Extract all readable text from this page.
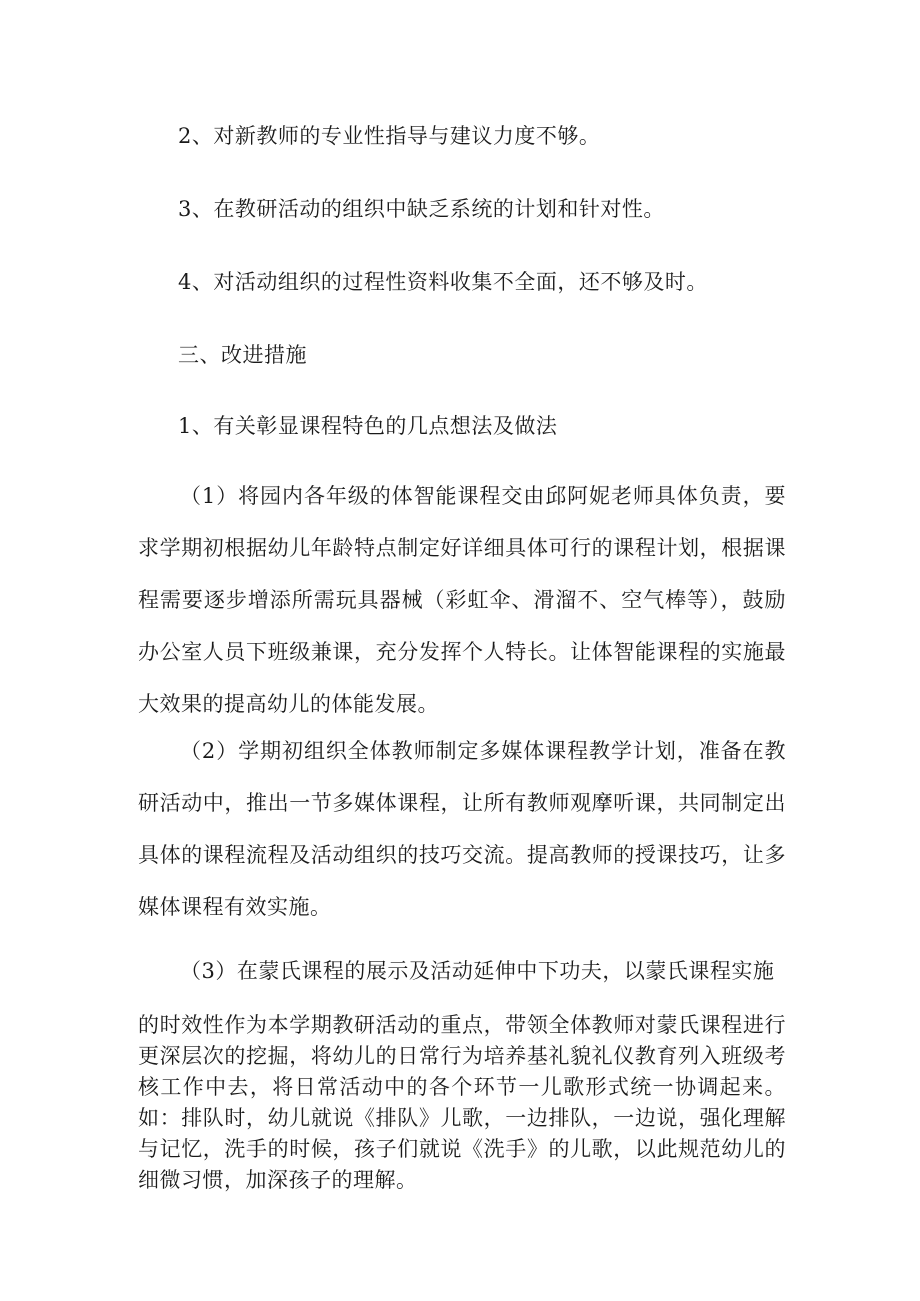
2、对新教师的专业性指导与建议力度不够。

3、在教研活动的组织中缺乏系统的计划和针对性。

4、对活动组织的过程性资料收集不全面，还不够及时。

三、改进措施

1、有关彰显课程特色的几点想法及做法

（1）将园内各年级的体智能课程交由邱阿妮老师具体负责，要求学期初根据幼儿年龄特点制定好详细具体可行的课程计划，根据课程需要逐步增添所需玩具器械（彩虹伞、滑溜不、空气棒等），鼓励办公室人员下班级兼课，充分发挥个人特长。让体智能课程的实施最大效果的提高幼儿的体能发展。

（2）学期初组织全体教师制定多媒体课程教学计划，准备在教研活动中，推出一节多媒体课程，让所有教师观摩听课，共同制定出具体的课程流程及活动组织的技巧交流。提高教师的授课技巧，让多媒体课程有效实施。

（3）在蒙氏课程的展示及活动延伸中下功夫，以蒙氏课程实施

的时效性作为本学期教研活动的重点，带领全体教师对蒙氏课程进行更深层次的挖掘，将幼儿的日常行为培养基礼貌礼仪教育列入班级考核工作中去，将日常活动中的各个环节一儿歌形式统一协调起来。如：排队时，幼儿就说《排队》儿歌，一边排队，一边说，强化理解与记忆，洗手的时候，孩子们就说《洗手》的儿歌，以此规范幼儿的细微习惯，加深孩子的理解。
